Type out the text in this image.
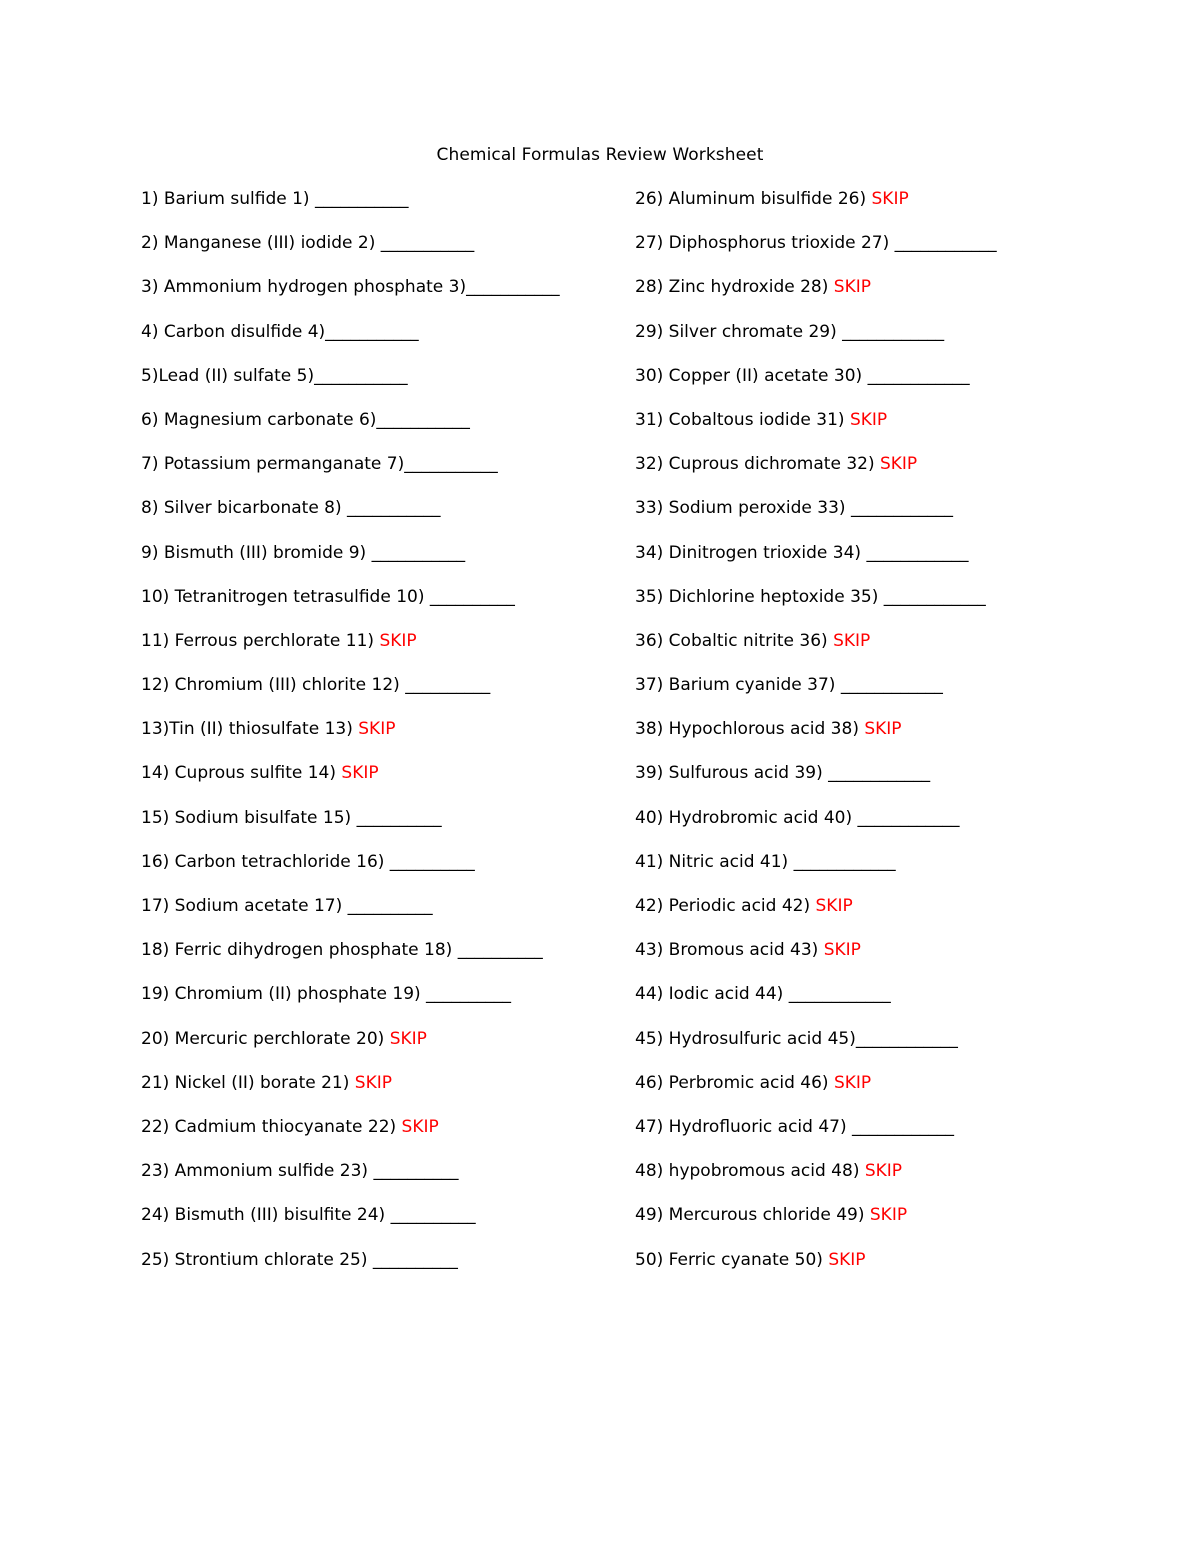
Chemical Formulas Review Worksheet
1) Barium sulfide 1) ___________
2) Manganese (III) iodide 2) ___________
3) Ammonium hydrogen phosphate 3)___________
4) Carbon disulfide 4)___________
5)Lead (II) sulfate 5)___________
6) Magnesium carbonate 6)___________
7) Potassium permanganate 7)___________
8) Silver bicarbonate 8) ___________
9) Bismuth (III) bromide 9) ___________
10) Tetranitrogen tetrasulfide 10) __________
11) Ferrous perchlorate 11) SKIP
12) Chromium (III) chlorite 12) __________
13)Tin (II) thiosulfate 13) SKIP
14) Cuprous sulfite 14) SKIP
15) Sodium bisulfate 15) __________
16) Carbon tetrachloride 16) __________
17) Sodium acetate 17) __________
18) Ferric dihydrogen phosphate 18) __________
19) Chromium (II) phosphate 19) __________
20) Mercuric perchlorate 20) SKIP
21) Nickel (II) borate 21) SKIP
22) Cadmium thiocyanate 22) SKIP
23) Ammonium sulfide 23) __________
24) Bismuth (III) bisulfite 24) __________
25) Strontium chlorate 25) __________
26) Aluminum bisulfide 26) SKIP
27) Diphosphorus trioxide 27) ____________
28) Zinc hydroxide 28) SKIP
29) Silver chromate 29) ____________
30) Copper (II) acetate 30) ____________
31) Cobaltous iodide 31) SKIP
32) Cuprous dichromate 32) SKIP
33) Sodium peroxide 33) ____________
34) Dinitrogen trioxide 34) ____________
35) Dichlorine heptoxide 35) ____________
36) Cobaltic nitrite 36) SKIP
37) Barium cyanide 37) ____________
38) Hypochlorous acid 38) SKIP
39) Sulfurous acid 39) ____________
40) Hydrobromic acid 40) ____________
41) Nitric acid 41) ____________
42) Periodic acid 42) SKIP
43) Bromous acid 43) SKIP
44) Iodic acid 44) ____________
45) Hydrosulfuric acid 45)____________
46) Perbromic acid 46) SKIP
47) Hydrofluoric acid 47) ____________
48) hypobromous acid 48) SKIP
49) Mercurous chloride 49) SKIP
50) Ferric cyanate 50) SKIP
